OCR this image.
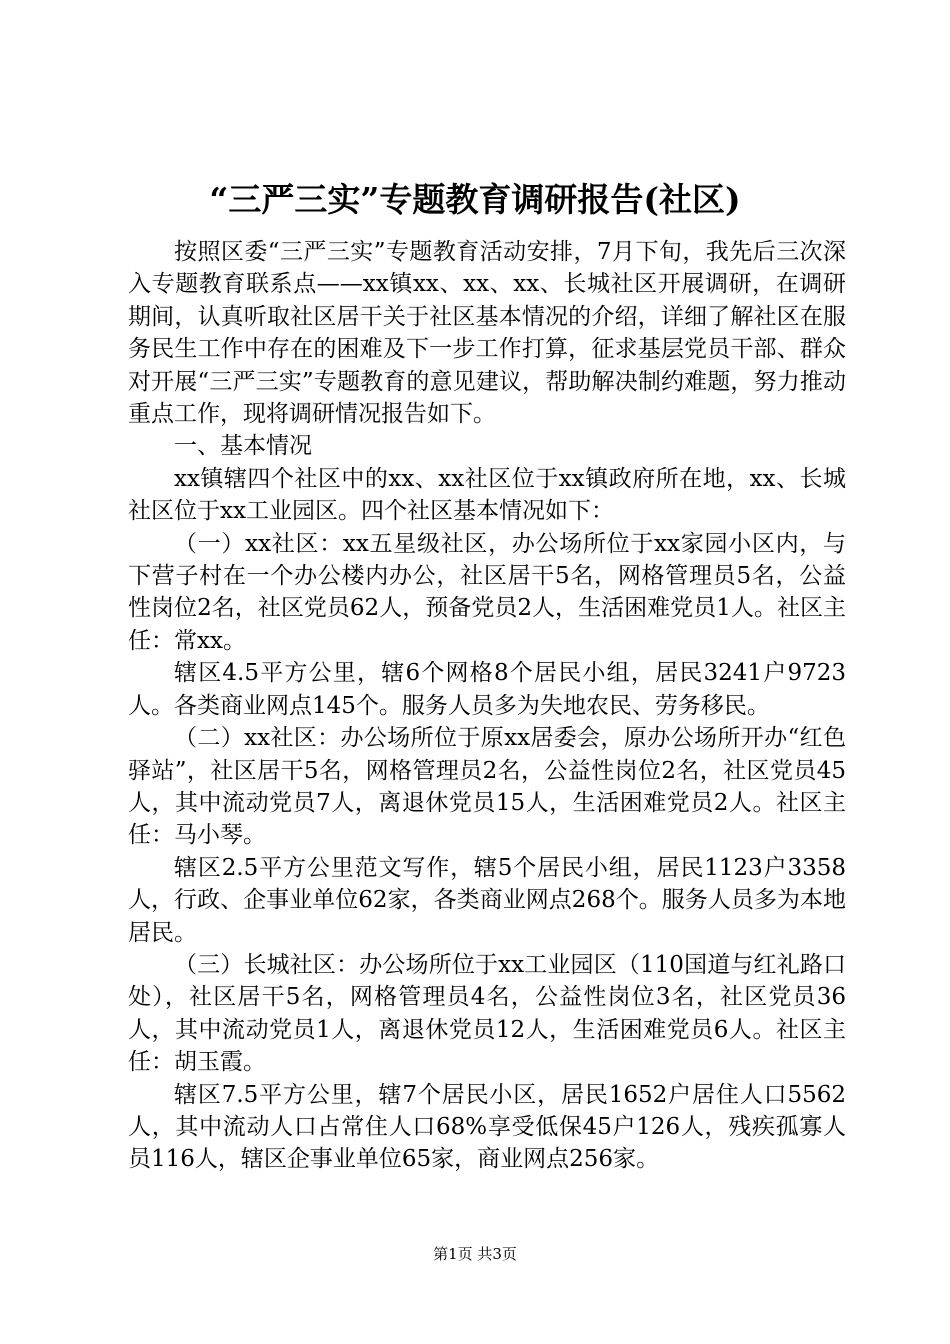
“三严三实”专题教育调研报告(社区)

按照区委“三严三实”专题教育活动安排，7月下旬，我先后三次深入专题教育联系点——xx镇xx、xx、xx、长城社区开展调研，在调研期间，认真听取社区居干关于社区基本情况的介绍，详细了解社区在服务民生工作中存在的困难及下一步工作打算，征求基层党员干部、群众对开展“三严三实”专题教育的意见建议，帮助解决制约难题，努力推动重点工作，现将调研情况报告如下。

一、基本情况

xx镇辖四个社区中的xx、xx社区位于xx镇政府所在地，xx、长城社区位于xx工业园区。四个社区基本情况如下：

（一）xx社区：xx五星级社区，办公场所位于xx家园小区内，与下营子村在一个办公楼内办公，社区居干5名，网格管理员5名，公益性岗位2名，社区党员62人，预备党员2人，生活困难党员1人。社区主任：常xx。

辖区4.5平方公里，辖6个网格8个居民小组，居民3241户9723人。各类商业网点145个。服务人员多为失地农民、劳务移民。

（二）xx社区：办公场所位于原xx居委会，原办公场所开办“红色驿站”，社区居干5名，网格管理员2名，公益性岗位2名，社区党员45人，其中流动党员7人，离退休党员15人，生活困难党员2人。社区主任：马小琴。

辖区2.5平方公里范文写作，辖5个居民小组，居民1123户3358人，行政、企事业单位62家，各类商业网点268个。服务人员多为本地居民。

（三）长城社区：办公场所位于xx工业园区（110国道与红礼路口处），社区居干5名，网格管理员4名，公益性岗位3名，社区党员36人，其中流动党员1人，离退休党员12人，生活困难党员6人。社区主任：胡玉霞。

辖区7.5平方公里，辖7个居民小区，居民1652户居住人口5562人，其中流动人口占常住人口68%享受低保45户126人，残疾孤寡人员116人，辖区企事业单位65家，商业网点256家。

第1页 共3页
